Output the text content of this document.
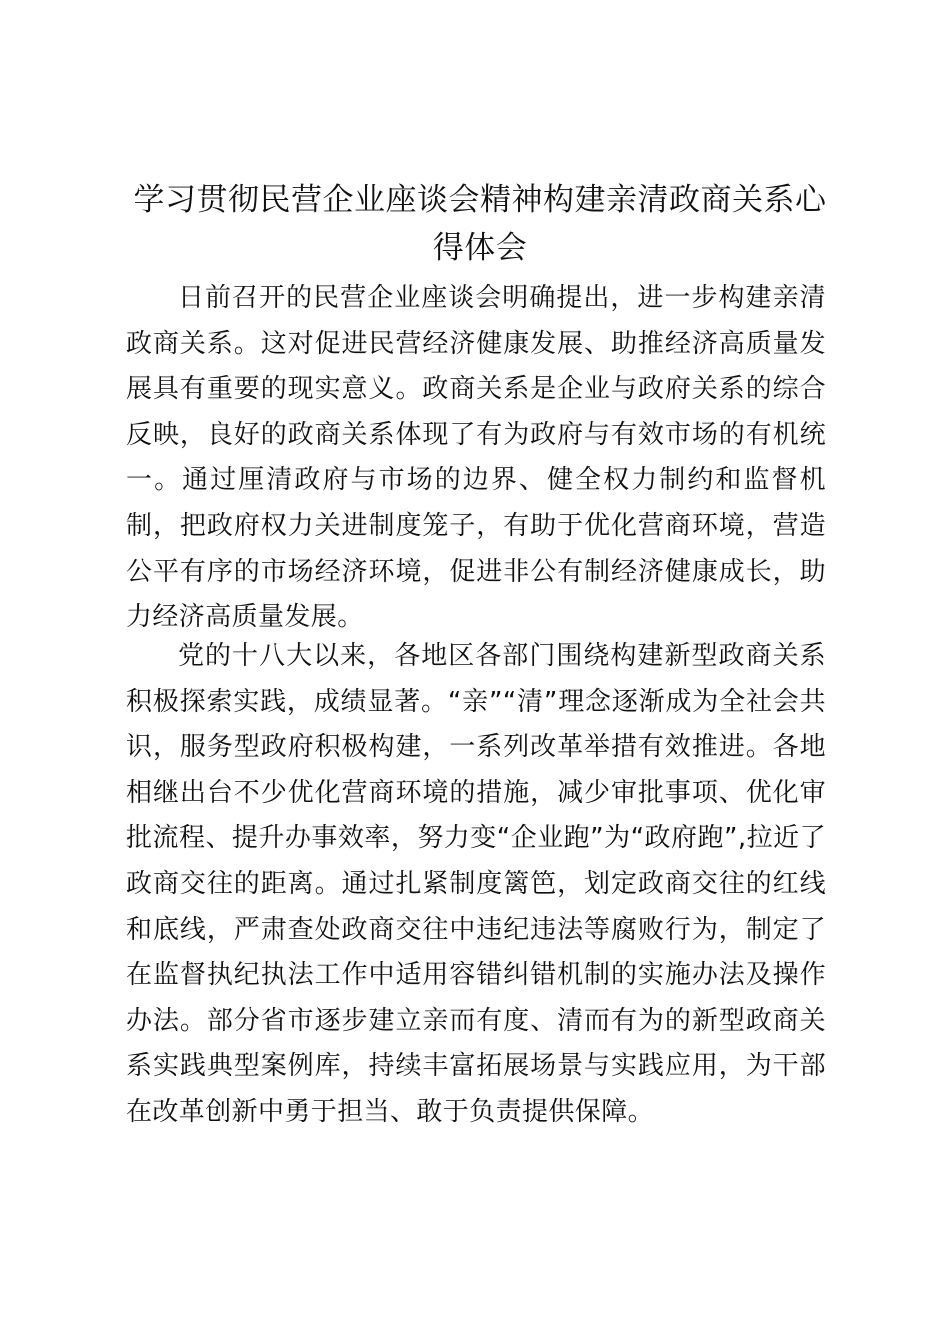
学习贯彻民营企业座谈会精神构建亲清政商关系心得体会

日前召开的民营企业座谈会明确提出，进一步构建亲清政商关系。这对促进民营经济健康发展、助推经济高质量发展具有重要的现实意义。政商关系是企业与政府关系的综合反映，良好的政商关系体现了有为政府与有效市场的有机统一。通过厘清政府与市场的边界、健全权力制约和监督机制，把政府权力关进制度笼子，有助于优化营商环境，营造公平有序的市场经济环境，促进非公有制经济健康成长，助力经济高质量发展。

党的十八大以来，各地区各部门围绕构建新型政商关系积极探索实践，成绩显著。“亲”“清”理念逐渐成为全社会共识，服务型政府积极构建，一系列改革举措有效推进。各地相继出台不少优化营商环境的措施，减少审批事项、优化审批流程、提升办事效率，努力变“企业跑”为“政府跑”,拉近了政商交往的距离。通过扎紧制度篱笆，划定政商交往的红线和底线，严肃查处政商交往中违纪违法等腐败行为，制定了在监督执纪执法工作中适用容错纠错机制的实施办法及操作办法。部分省市逐步建立亲而有度、清而有为的新型政商关系实践典型案例库，持续丰富拓展场景与实践应用，为干部在改革创新中勇于担当、敢于负责提供保障。
